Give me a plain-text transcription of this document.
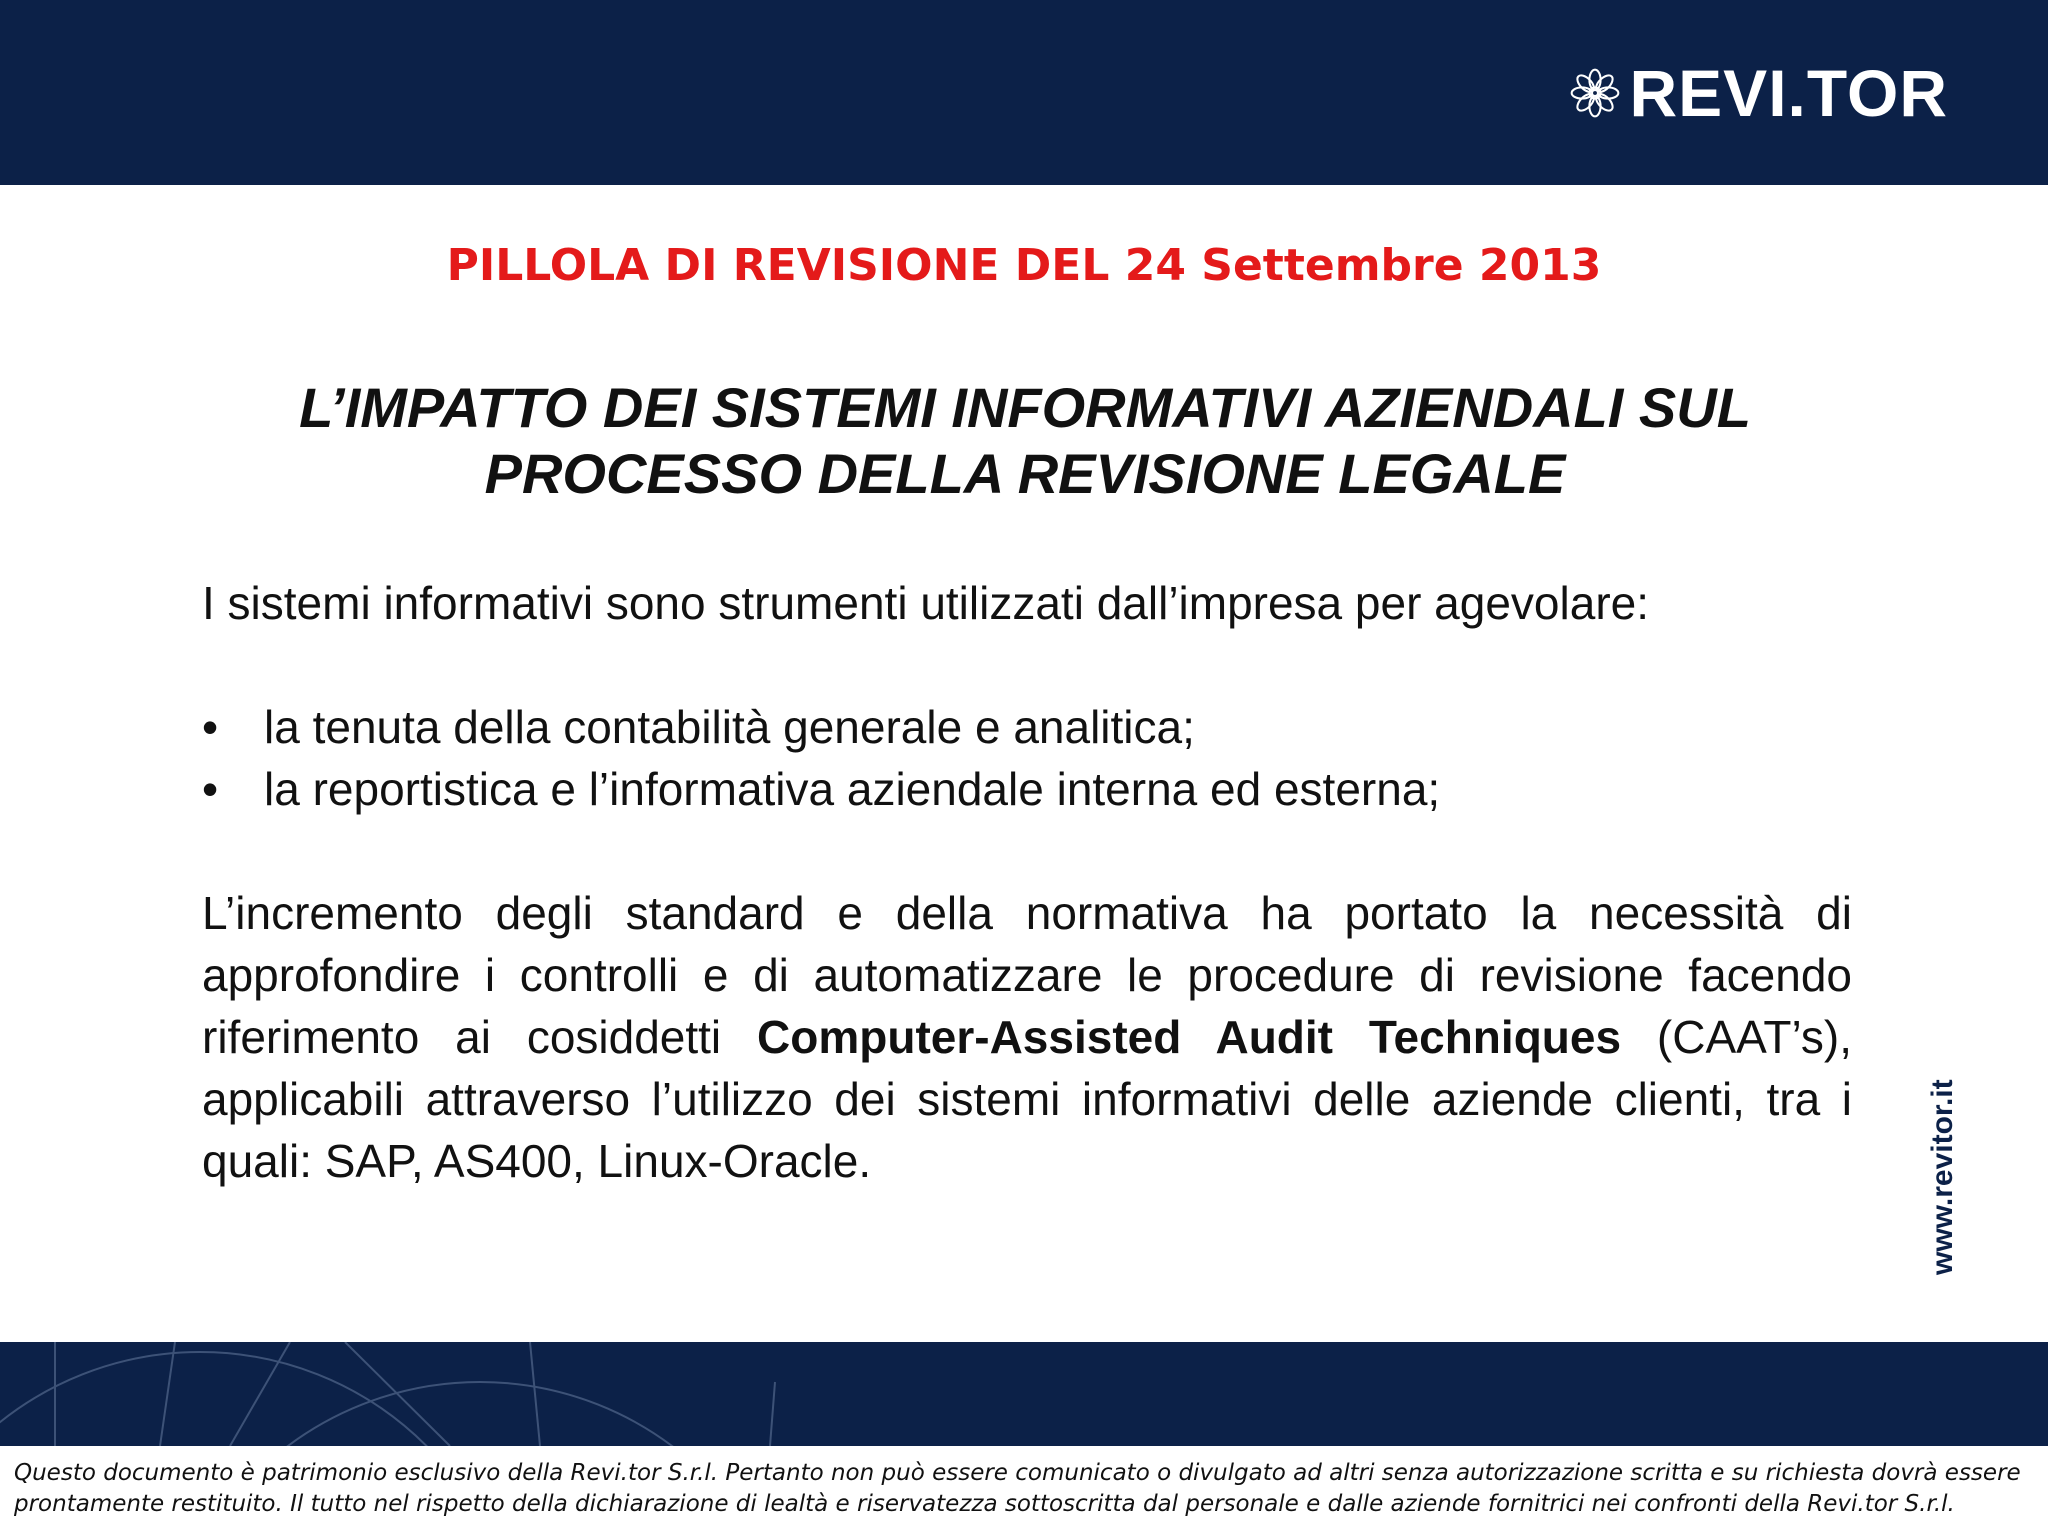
REVI.TOR
PILLOLA DI REVISIONE DEL 24 Settembre 2013
L’IMPATTO DEI SISTEMI INFORMATIVI AZIENDALI SUL
PROCESSO DELLA REVISIONE LEGALE

I sistemi informativi sono strumenti utilizzati dall’impresa per agevolare:

• la tenuta della contabilità generale e analitica;
• la reportistica e l’informativa aziendale interna ed esterna;

L’incremento degli standard e della normativa ha portato la necessità di approfondire i controlli e di automatizzare le procedure di revisione facendo riferimento ai cosiddetti Computer-Assisted Audit Techniques (CAAT’s), applicabili attraverso l’utilizzo dei sistemi informativi delle aziende clienti, tra i quali: SAP, AS400, Linux-Oracle.	www.revitor.it
Questo documento è patrimonio esclusivo della Revi.tor S.r.l. Pertanto non può essere comunicato o divulgato ad altri senza autorizzazione scritta e su richiesta dovrà essere
prontamente restituito. Il tutto nel rispetto della dichiarazione di lealtà e riservatezza sottoscritta dal personale e dalle aziende fornitrici nei confronti della Revi.tor S.r.l.
